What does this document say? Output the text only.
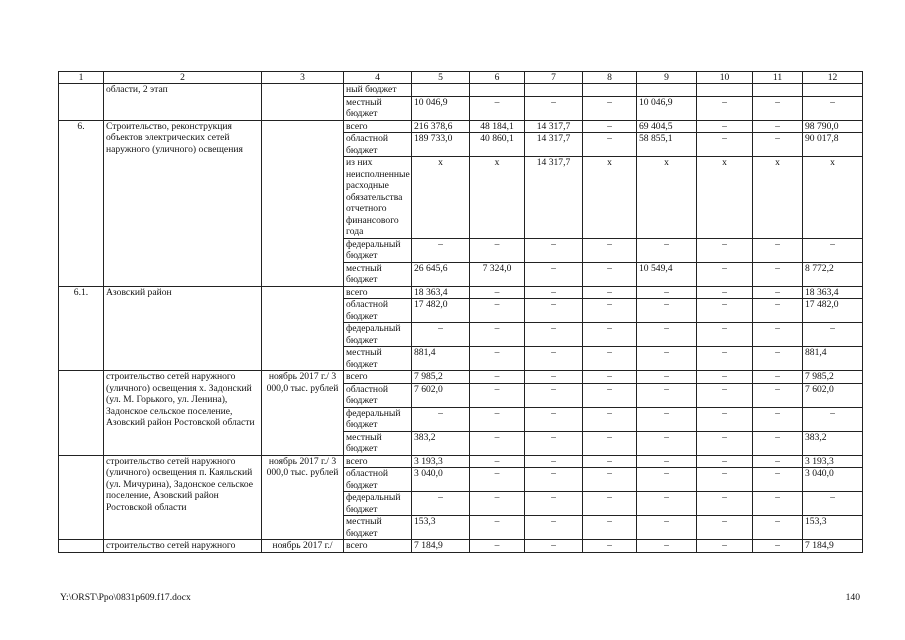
1	2	3	4	5	6	7	8	9	10	11	12
	области, 2 этап		ный бюджет								
			местный бюджет	10 046,9	–	–	–	10 046,9	–	–	–
6.	Строительство, реконструкция объектов электрических сетей наружного (уличного) освещения		всего	216 378,6	48 184,1	14 317,7	–	69 404,5	–	–	98 790,0
			областной бюджет	189 733,0	40 860,1	14 317,7	–	58 855,1	–	–	90 017,8
			из них неисполненные расходные обязательства отчетного финансового года	х	х	14 317,7	х	х	х	х	х
			федеральный бюджет	–	–	–	–	–	–	–	–
			местный бюджет	26 645,6	7 324,0	–	–	10 549,4	–	–	8 772,2
6.1.	Азовский район		всего	18 363,4	–	–	–	–	–	–	18 363,4
			областной бюджет	17 482,0	–	–	–	–	–	–	17 482,0
			федеральный бюджет	–	–	–	–	–	–	–	–
			местный бюджет	881,4	–	–	–	–	–	–	881,4
	строительство сетей наружного (уличного) освещения х. Задонский (ул. М. Горького, ул. Ленина), Задонское сельское поселение, Азовский район Ростовской области	ноябрь 2017 г./ 3 000,0 тыс. рублей	всего	7 985,2	–	–	–	–	–	–	7 985,2
			областной бюджет	7 602,0	–	–	–	–	–	–	7 602,0
			федеральный бюджет	–	–	–	–	–	–	–	–
			местный бюджет	383,2	–	–	–	–	–	–	383,2
	строительство сетей наружного (уличного) освещения п. Каяльский (ул. Мичурина), Задонское сельское поселение, Азовский район Ростовской области	ноябрь 2017 г./ 3 000,0 тыс. рублей	всего	3 193,3	–	–	–	–	–	–	3 193,3
			областной бюджет	3 040,0	–	–	–	–	–	–	3 040,0
			федеральный бюджет	–	–	–	–	–	–	–	–
			местный бюджет	153,3	–	–	–	–	–	–	153,3
	строительство сетей наружного	ноябрь 2017 г./	всего	7 184,9	–	–	–	–	–	–	7 184,9
Y:\ORST\Ppo\0831p609.f17.docx	140
